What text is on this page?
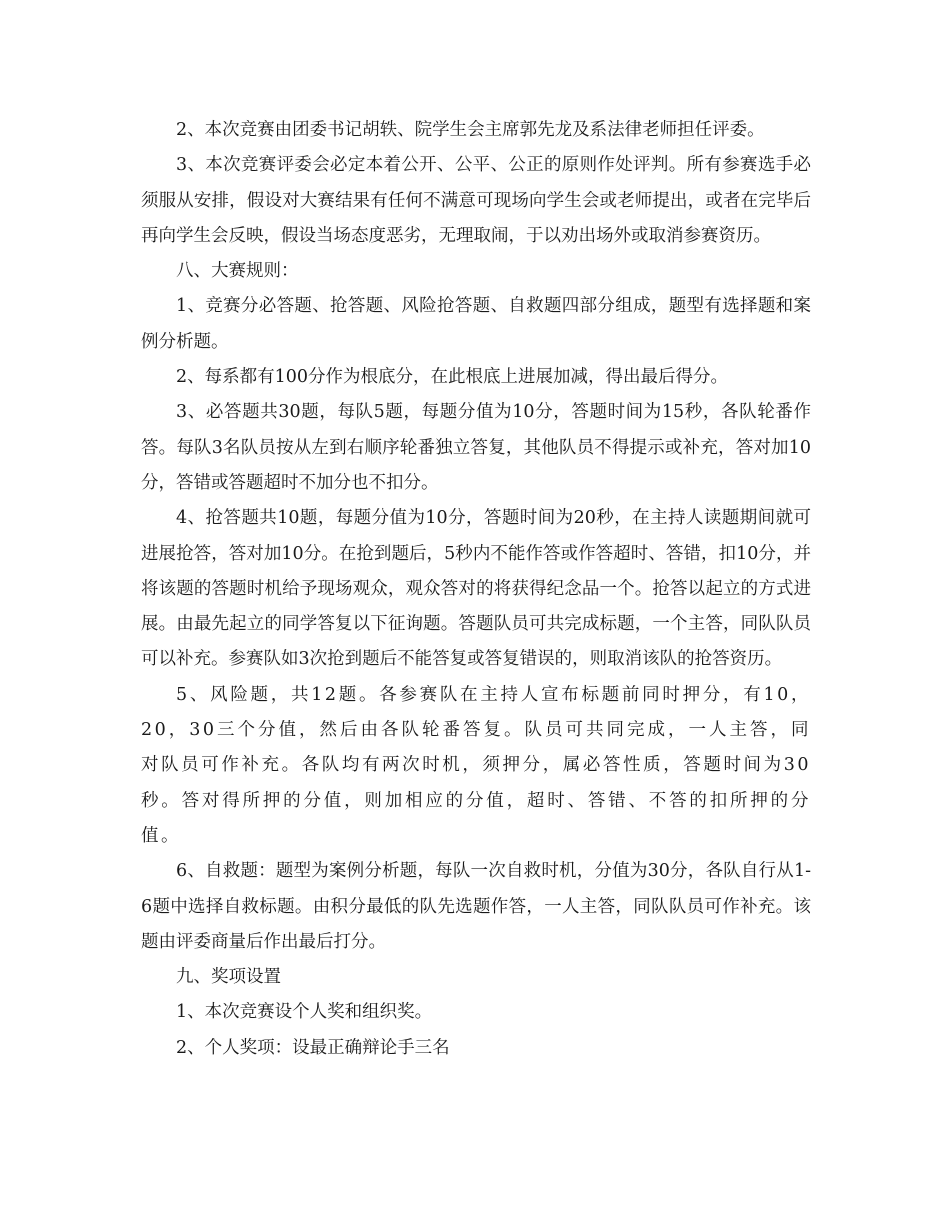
2、本次竞赛由团委书记胡轶、院学生会主席郭先龙及系法律老师担任评委。

3、本次竞赛评委会必定本着公开、公平、公正的原则作处评判。所有参赛选手必须服从安排，假设对大赛结果有任何不满意可现场向学生会或老师提出，或者在完毕后再向学生会反映，假设当场态度恶劣，无理取闹，于以劝出场外或取消参赛资历。

八、大赛规则：

1、竞赛分必答题、抢答题、风险抢答题、自救题四部分组成，题型有选择题和案例分析题。

2、每系都有100分作为根底分，在此根底上进展加减，得出最后得分。

3、必答题共30题，每队5题，每题分值为10分，答题时间为15秒，各队轮番作答。每队3名队员按从左到右顺序轮番独立答复，其他队员不得提示或补充，答对加10分，答错或答题超时不加分也不扣分。

4、抢答题共10题，每题分值为10分，答题时间为20秒，在主持人读题期间就可进展抢答，答对加10分。在抢到题后，5秒内不能作答或作答超时、答错，扣10分，并将该题的答题时机给予现场观众，观众答对的将获得纪念品一个。抢答以起立的方式进展。由最先起立的同学答复以下征询题。答题队员可共完成标题，一个主答，同队队员可以补充。参赛队如3次抢到题后不能答复或答复错误的，则取消该队的抢答资历。

5、风险题，共12题。各参赛队在主持人宣布标题前同时押分，有10，20，30三个分值，然后由各队轮番答复。队员可共同完成，一人主答，同对队员可作补充。各队均有两次时机，须押分，属必答性质，答题时间为30秒。答对得所押的分值，则加相应的分值，超时、答错、不答的扣所押的分值。

6、自救题：题型为案例分析题，每队一次自救时机，分值为30分，各队自行从1-6题中选择自救标题。由积分最低的队先选题作答，一人主答，同队队员可作补充。该题由评委商量后作出最后打分。

九、奖项设置

1、本次竞赛设个人奖和组织奖。

2、个人奖项：设最正确辩论手三名
